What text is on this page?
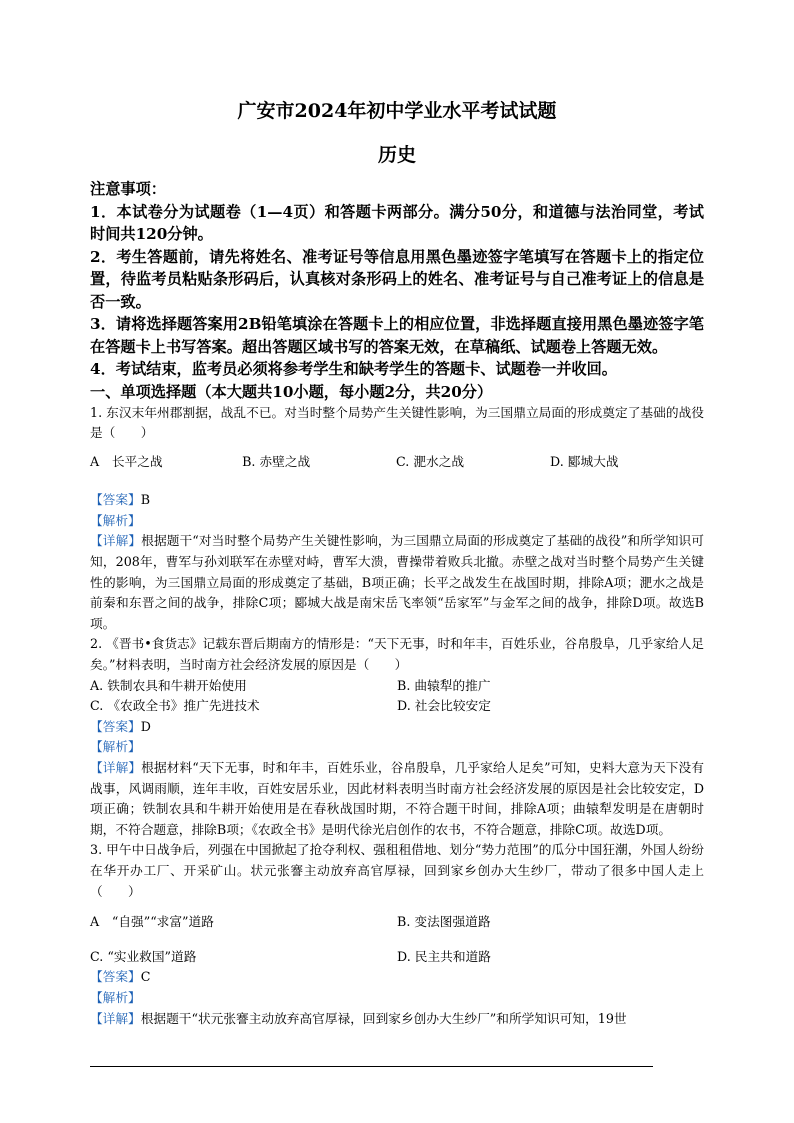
广安市2024年初中学业水平考试试题
历史

注意事项：

1．本试卷分为试题卷（1—4页）和答题卡两部分。满分50分，和道德与法治同堂，考试时间共120分钟。

2．考生答题前，请先将姓名、准考证号等信息用黑色墨迹签字笔填写在答题卡上的指定位置，待监考员粘贴条形码后，认真核对条形码上的姓名、准考证号与自己准考证上的信息是否一致。

3．请将选择题答案用2B铅笔填涂在答题卡上的相应位置，非选择题直接用黑色墨迹签字笔在答题卡上书写答案。超出答题区域书写的答案无效，在草稿纸、试题卷上答题无效。

4．考试结束，监考员必须将参考学生和缺考学生的答题卡、试题卷一并收回。

一、单项选择题（本大题共10小题，每小题2分，共20分）

1. 东汉末年州郡割据，战乱不已。对当时整个局势产生关键性影响，为三国鼎立局面的形成奠定了基础的战役是（　　）

A　长平之战	B. 赤壁之战	C. 淝水之战	D. 郾城大战

【答案】B

【解析】

【详解】根据题干“对当时整个局势产生关键性影响，为三国鼎立局面的形成奠定了基础的战役”和所学知识可知，208年，曹军与孙刘联军在赤壁对峙，曹军大溃，曹操带着败兵北撤。赤壁之战对当时整个局势产生关键性的影响，为三国鼎立局面的形成奠定了基础，B项正确；长平之战发生在战国时期，排除A项；淝水之战是前秦和东晋之间的战争，排除C项；郾城大战是南宋岳飞率领“岳家军”与金军之间的战争，排除D项。故选B项。

2. 《晋书•食货志》记载东晋后期南方的情形是：“天下无事，时和年丰，百姓乐业，谷帛殷阜，几乎家给人足矣。”材料表明，当时南方社会经济发展的原因是（　　）

A. 铁制农具和牛耕开始使用	B. 曲辕犁的推广
C. 《农政全书》推广先进技术	D. 社会比较安定

【答案】D

【解析】

【详解】根据材料“天下无事，时和年丰，百姓乐业，谷帛殷阜，几乎家给人足矣”可知，史料大意为天下没有战事，风调雨顺，连年丰收，百姓安居乐业，因此材料表明当时南方社会经济发展的原因是社会比较安定，D项正确；铁制农具和牛耕开始使用是在春秋战国时期，不符合题干时间，排除A项；曲辕犁发明是在唐朝时期，不符合题意，排除B项；《农政全书》是明代徐光启创作的农书，不符合题意，排除C项。故选D项。

3. 甲午中日战争后，列强在中国掀起了抢夺利权、强租租借地、划分“势力范围”的瓜分中国狂潮，外国人纷纷在华开办工厂、开采矿山。状元张謇主动放弃高官厚禄，回到家乡创办大生纱厂，带动了很多中国人走上（　　）

A　“自强”“求富”道路	B. 变法图强道路
C. “实业救国”道路	D. 民主共和道路

【答案】C

【解析】

【详解】根据题干“状元张謇主动放弃高官厚禄，回到家乡创办大生纱厂”和所学知识可知，19世
